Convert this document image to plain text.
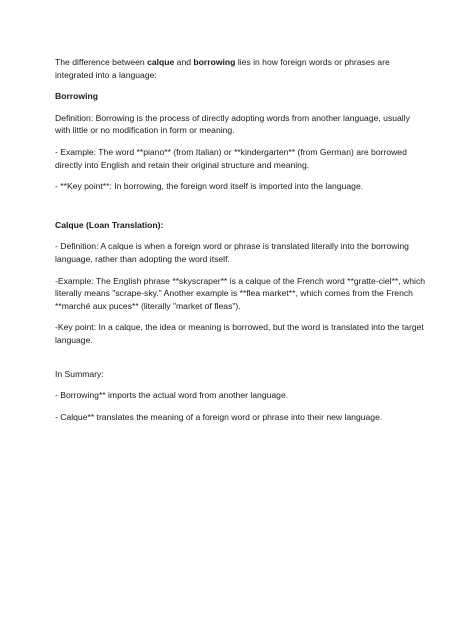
The difference between calque and borrowing lies in how foreign words or phrases are integrated into a language:

Borrowing

Definition: Borrowing is the process of directly adopting words from another language, usually with little or no modification in form or meaning.

- Example: The word **piano** (from Italian) or **kindergarten** (from German) are borrowed directly into English and retain their original structure and meaning.

- **Key point**: In borrowing, the foreign word itself is imported into the language.

Calque (Loan Translation):

- Definition: A calque is when a foreign word or phrase is translated literally into the borrowing language, rather than adopting the word itself.

-Example: The English phrase **skyscraper** is a calque of the French word **gratte-ciel**, which literally means "scrape-sky." Another example is **flea market**, which comes from the French **marché aux puces** (literally "market of fleas").

-Key point: In a calque, the idea or meaning is borrowed, but the word is translated into the target language.

In Summary:

- Borrowing** imports the actual word from another language.

- Calque** translates the meaning of a foreign word or phrase into their new language.
